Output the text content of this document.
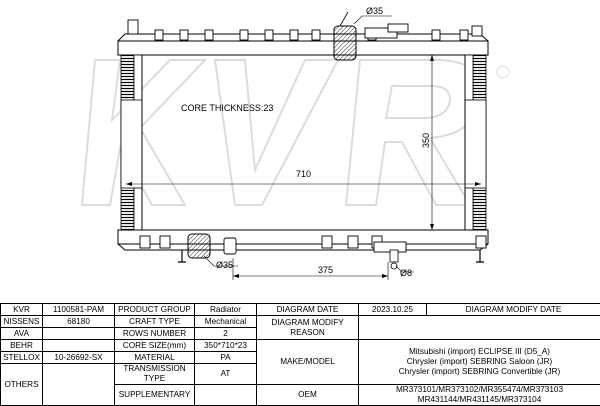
710
350
375
Ø35
Ø35
Ø8
CORE THICKNESS:23
KVR	1100581-PAM	PRODUCT GROUP	Radiator	DIAGRAM DATE	2023.10.25	DIAGRAM MODIFY DATE
NISSENS	68180	CRAFT TYPE	Mechanical	DIAGRAM MODIFY REASON		
AVA		ROWS NUMBER	2			
BEHR		CORE SIZE(mm)	350*710*23	MAKE/MODEL	Mitsubishi (import) ECLIPSE III (D5_A)
Chrysler (import) SEBRING Saloon (JR)
Chrysler (import) SEBRING Convertible (JR)	

STELLOX	10-26692-SX	MATERIAL	PA			
OTHERS		TRANSMISSION TYPE	AT			
		SUPPLEMENTARY		OEM	MR373101/MR373102/MR355474/MR373103
MR431144/MR431145/MR373104	
